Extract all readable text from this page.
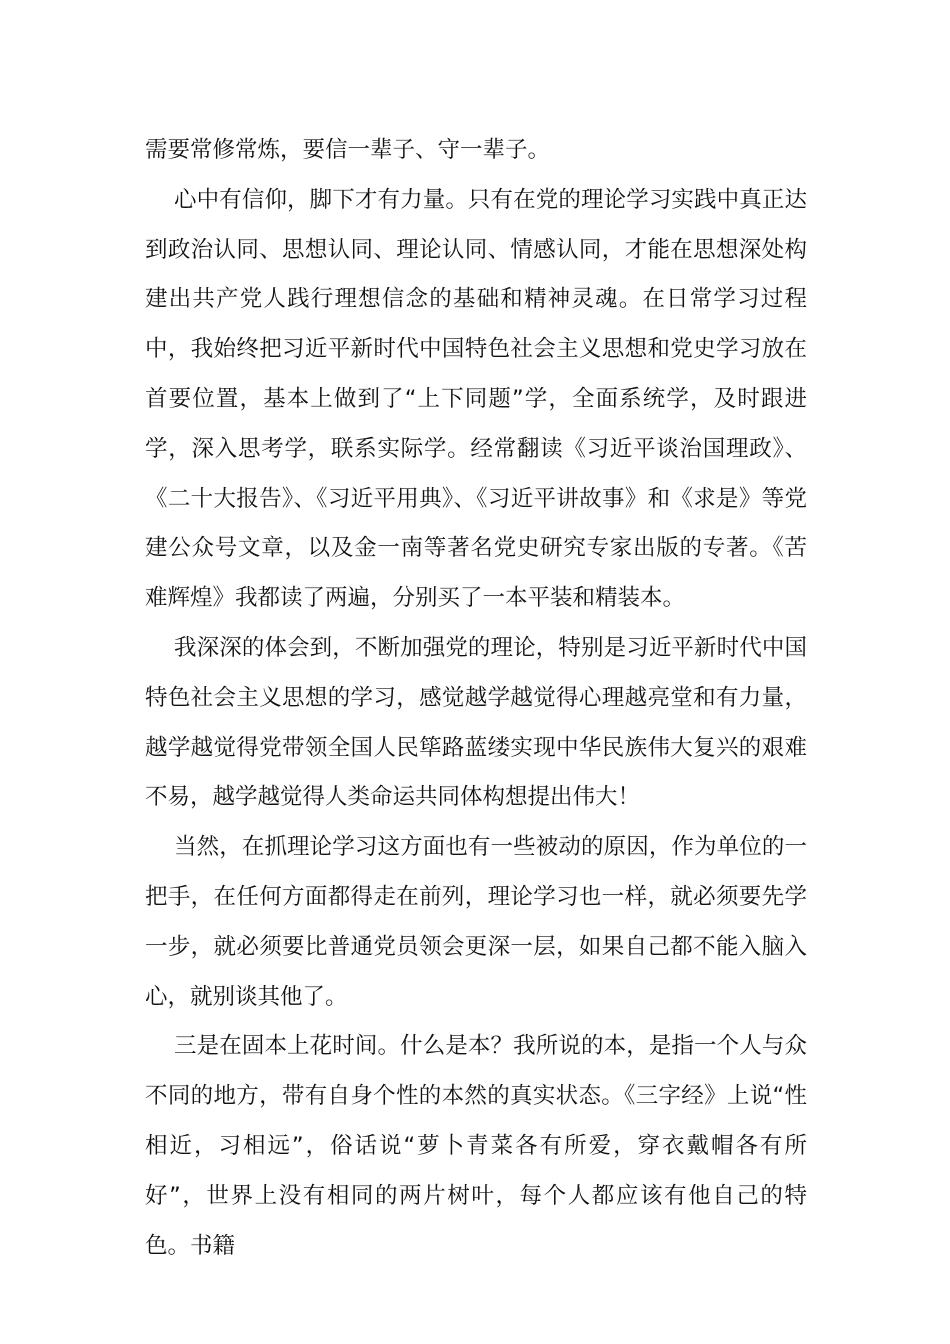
需要常修常炼，要信一辈子、守一辈子。

心中有信仰，脚下才有力量。只有在党的理论学习实践中真正达到政治认同、思想认同、理论认同、情感认同，才能在思想深处构建出共产党人践行理想信念的基础和精神灵魂。在日常学习过程中，我始终把习近平新时代中国特色社会主义思想和党史学习放在首要位置，基本上做到了“上下同题”学，全面系统学，及时跟进学，深入思考学，联系实际学。经常翻读《习近平谈治国理政》、《二十大报告》、《习近平用典》、《习近平讲故事》和《求是》等党建公众号文章，以及金一南等著名党史研究专家出版的专著。《苦难辉煌》我都读了两遍，分别买了一本平装和精装本。

我深深的体会到，不断加强党的理论，特别是习近平新时代中国特色社会主义思想的学习，感觉越学越觉得心理越亮堂和有力量，越学越觉得党带领全国人民筚路蓝缕实现中华民族伟大复兴的艰难不易，越学越觉得人类命运共同体构想提出伟大！

当然，在抓理论学习这方面也有一些被动的原因，作为单位的一把手，在任何方面都得走在前列，理论学习也一样，就必须要先学一步，就必须要比普通党员领会更深一层，如果自己都不能入脑入心，就别谈其他了。

三是在固本上花时间。什么是本？我所说的本，是指一个人与众不同的地方，带有自身个性的本然的真实状态。《三字经》上说“性相近，习相远”，俗话说“萝卜青菜各有所爱，穿衣戴帽各有所好”，世界上没有相同的两片树叶，每个人都应该有他自己的特色。书籍
